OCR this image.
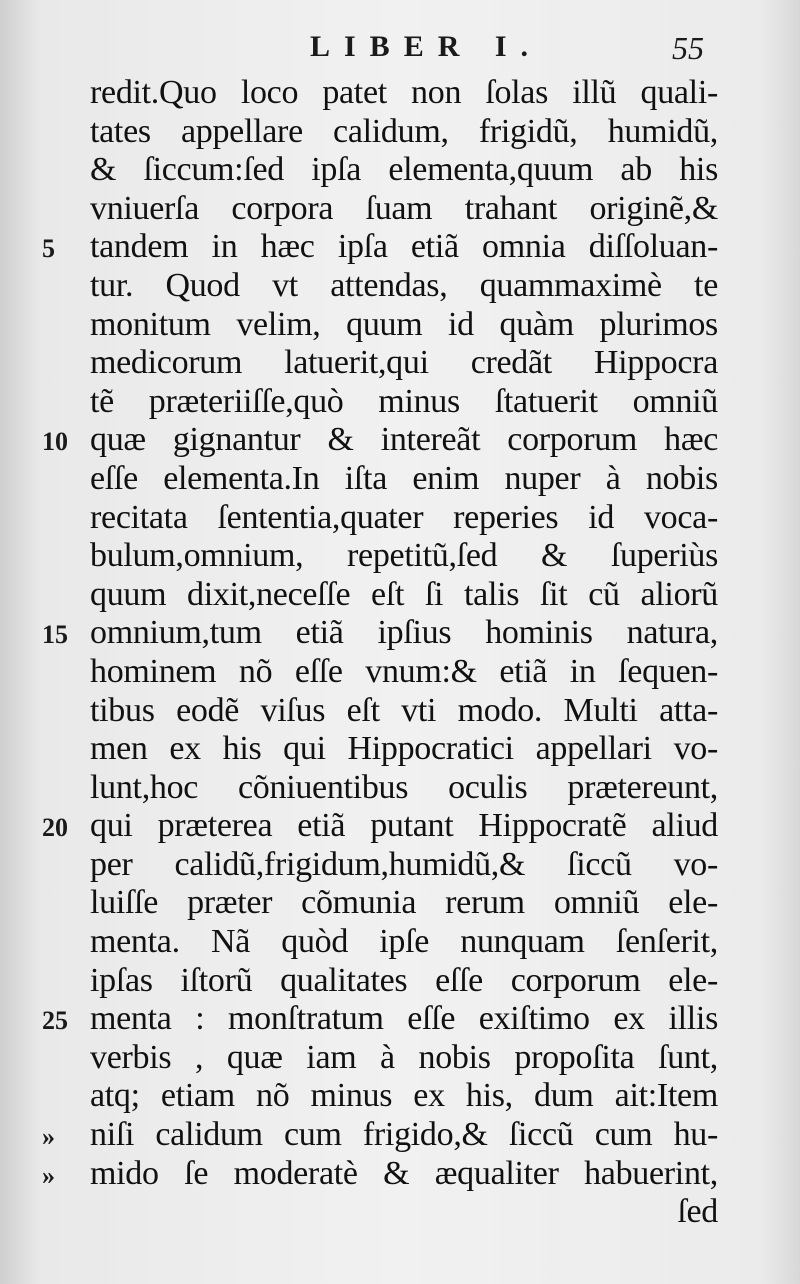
LIBER I.	55
5
10
15
20
25
»
»
redit.Quo loco patet non ſolas illũ quali-
tates appellare calidum, frigidũ, humidũ,
& ſiccum:ſed ipſa elementa,quum ab his
vniuerſa corpora ſuam trahant originẽ,&
tandem in hæc ipſa etiã omnia diſſoluan-
tur. Quod vt attendas, quammaximè te
monitum velim, quum id quàm plurimos
medicorum latuerit,qui credãt Hippocra
tẽ præteriiſſe,quò minus ſtatuerit omniũ
quæ gignantur & intereãt corporum hæc
eſſe elementa.In iſta enim nuper à nobis
recitata ſententia,quater reperies id voca-
bulum,omnium, repetitũ,ſed & ſuperiùs
quum dixit,neceſſe eſt ſi talis ſit cũ aliorũ
omnium,tum etiã ipſius hominis natura,
hominem nõ eſſe vnum:& etiã in ſequen-
tibus eodẽ viſus eſt vti modo. Multi atta-
men ex his qui Hippocratici appellari vo-
lunt,hoc cõniuentibus oculis prætereunt,
qui præterea etiã putant Hippocratẽ aliud
per calidũ,frigidum,humidũ,& ſiccũ vo-
luiſſe præter cõmunia rerum omniũ ele-
menta. Nã quòd ipſe nunquam ſenſerit,
ipſas iſtorũ qualitates eſſe corporum ele-
menta : monſtratum eſſe exiſtimo ex illis
verbis , quæ iam à nobis propoſita ſunt,
atq; etiam nõ minus ex his, dum ait:Item
niſi calidum cum frigido,& ſiccũ cum hu-
mido ſe moderatè & æqualiter habuerint,
ſed
